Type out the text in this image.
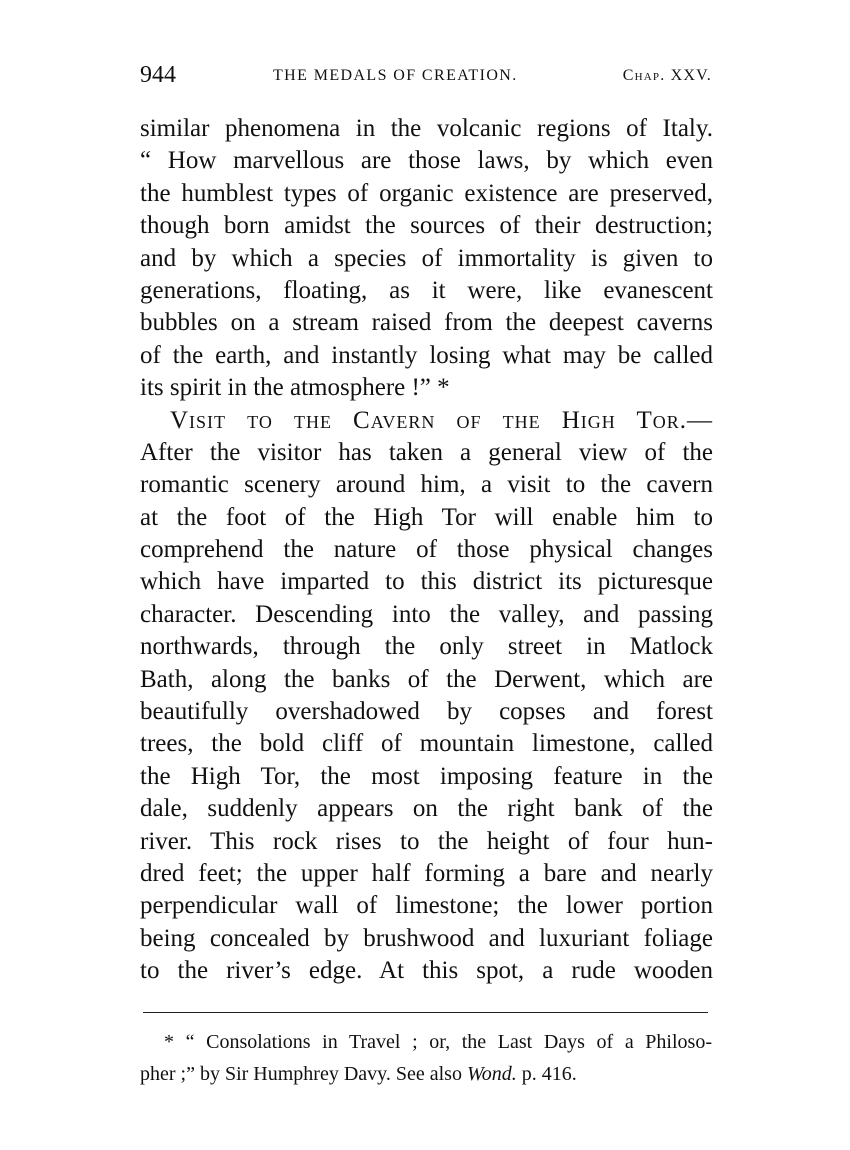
944	THE MEDALS OF CREATION.	Chap. XXV.
similar phenomena in the volcanic regions of Italy.
“ How marvellous are those laws, by which even
the humblest types of organic existence are preserved,
though born amidst the sources of their destruction;
and by which a species of immortality is given to
generations, floating, as it were, like evanescent
bubbles on a stream raised from the deepest caverns
of the earth, and instantly losing what may be called
its spirit in the atmosphere !” *
Visit to the Cavern of the High Tor.—
After the visitor has taken a general view of the
romantic scenery around him, a visit to the cavern
at the foot of the High Tor will enable him to
comprehend the nature of those physical changes
which have imparted to this district its picturesque
character. Descending into the valley, and passing
northwards, through the only street in Matlock
Bath, along the banks of the Derwent, which are
beautifully overshadowed by copses and forest
trees, the bold cliff of mountain limestone, called
the High Tor, the most imposing feature in the
dale, suddenly appears on the right bank of the
river. This rock rises to the height of four hun-
dred feet; the upper half forming a bare and nearly
perpendicular wall of limestone; the lower portion
being concealed by brushwood and luxuriant foliage
to the river’s edge. At this spot, a rude wooden
* “ Consolations in Travel ; or, the Last Days of a Philoso-
pher ;” by Sir Humphrey Davy. See also Wond. p. 416.
